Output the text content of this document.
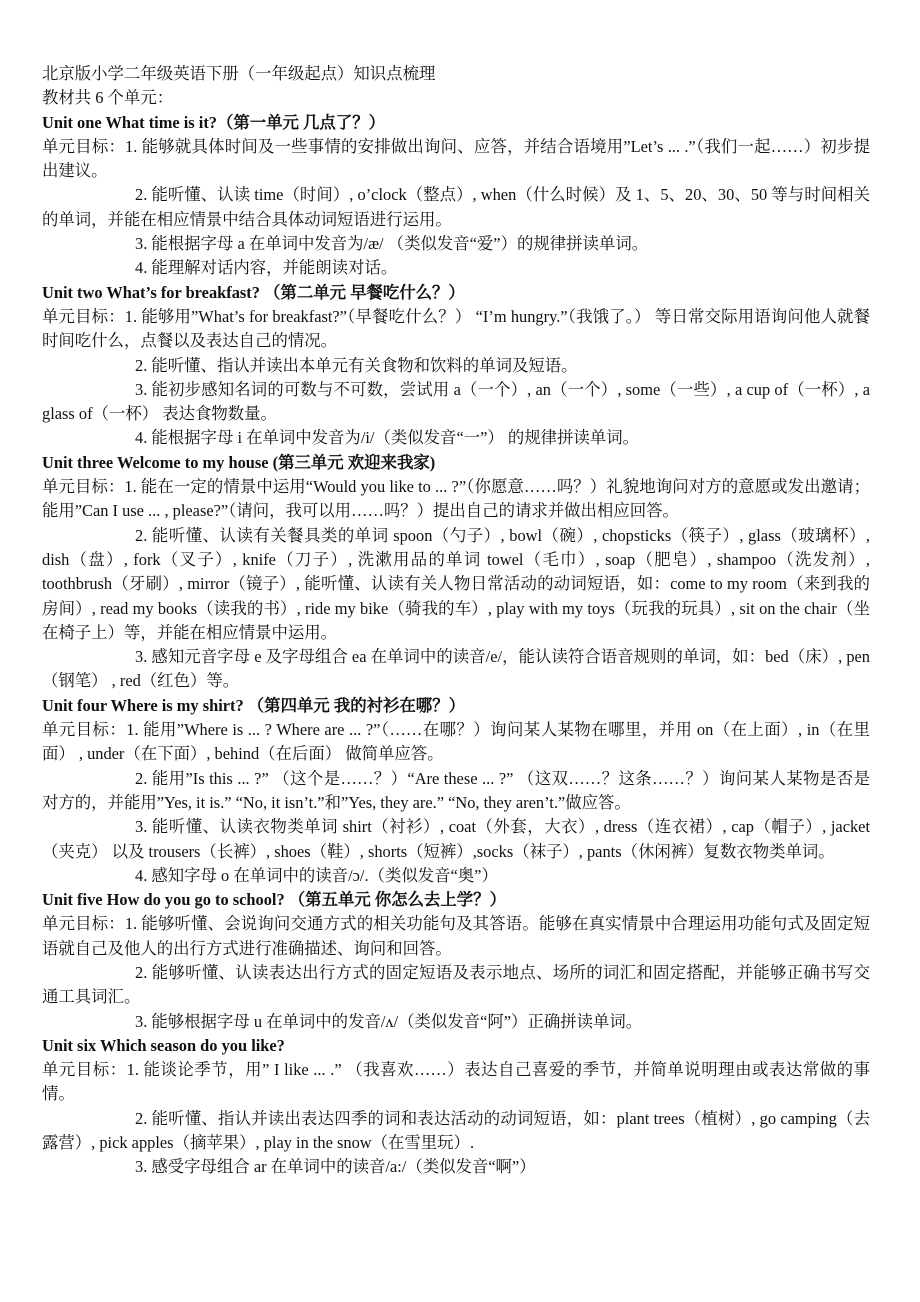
北京版小学二年级英语下册（一年级起点）知识点梳理

教材共 6 个单元：

Unit one What time is it?（第一单元 几点了？）

单元目标：1. 能够就具体时间及一些事情的安排做出询问、应答，并结合语境用”Let’s ... .”（我们一起……）初步提出建议。

2. 能听懂、认读 time（时间）, o’clock（整点）, when（什么时候）及 1、5、20、30、50 等与时间相关的单词，并能在相应情景中结合具体动词短语进行运用。

3. 能根据字母 a 在单词中发音为/æ/ （类似发音“爱”）的规律拼读单词。

4. 能理解对话内容，并能朗读对话。

Unit two What’s for breakfast? （第二单元 早餐吃什么？）

单元目标：1. 能够用”What’s for breakfast?”（早餐吃什么？） “I’m hungry.”（我饿了。） 等日常交际用语询问他人就餐时间吃什么，点餐以及表达自己的情况。

2. 能听懂、指认并读出本单元有关食物和饮料的单词及短语。

3. 能初步感知名词的可数与不可数，尝试用 a（一个）, an（一个）, some（一些）, a cup of（一杯）, a glass of（一杯） 表达食物数量。

4. 能根据字母 i 在单词中发音为/i/（类似发音“一”） 的规律拼读单词。

Unit three Welcome to my house (第三单元 欢迎来我家)

单元目标：1. 能在一定的情景中运用“Would you like to ... ?”（你愿意……吗？）礼貌地询问对方的意愿或发出邀请；能用”Can I use ... , please?”（请问，我可以用……吗？）提出自己的请求并做出相应回答。

2. 能听懂、认读有关餐具类的单词 spoon（勺子）, bowl（碗）, chopsticks（筷子）, glass（玻璃杯）, dish（盘）, fork（叉子）, knife（刀子）, 洗漱用品的单词 towel（毛巾）, soap（肥皂）, shampoo（洗发剂）, toothbrush（牙刷）, mirror（镜子）, 能听懂、认读有关人物日常活动的动词短语，如：come to my room（来到我的房间）, read my books（读我的书）, ride my bike（骑我的车）, play with my toys（玩我的玩具）, sit on the chair（坐在椅子上）等，并能在相应情景中运用。

3. 感知元音字母 e 及字母组合 ea 在单词中的读音/e/，能认读符合语音规则的单词，如：bed（床）, pen（钢笔） , red（红色）等。

Unit four Where is my shirt? （第四单元 我的衬衫在哪？）

单元目标：1. 能用”Where is ... ? Where are ... ?”（……在哪？）询问某人某物在哪里，并用 on（在上面）, in（在里面） , under（在下面）, behind（在后面） 做简单应答。

2. 能用”Is this ... ?” （这个是……？）“Are these ... ?” （这双……？这条……？）询问某人某物是否是对方的，并能用”Yes, it is.” “No, it isn’t.”和”Yes, they are.” “No, they aren’t.”做应答。

3. 能听懂、认读衣物类单词 shirt（衬衫）, coat（外套，大衣）, dress（连衣裙）, cap（帽子）, jacket（夹克） 以及 trousers（长裤）, shoes（鞋）, shorts（短裤）,socks（袜子）, pants（休闲裤）复数衣物类单词。

4. 感知字母 o 在单词中的读音/ɔ/.（类似发音“奥”）

Unit five How do you go to school? （第五单元 你怎么去上学？）

单元目标：1. 能够听懂、会说询问交通方式的相关功能句及其答语。能够在真实情景中合理运用功能句式及固定短语就自己及他人的出行方式进行准确描述、询问和回答。

2. 能够听懂、认读表达出行方式的固定短语及表示地点、场所的词汇和固定搭配，并能够正确书写交通工具词汇。

3. 能够根据字母 u 在单词中的发音/ʌ/（类似发音“阿”）正确拼读单词。

Unit six Which season do you like?

单元目标：1. 能谈论季节，用” I like ... .” （我喜欢……）表达自己喜爱的季节，并简单说明理由或表达常做的事情。

2. 能听懂、指认并读出表达四季的词和表达活动的动词短语，如：plant trees（植树）, go camping（去露营）, pick apples（摘苹果）, play in the snow（在雪里玩）.

3. 感受字母组合 ar 在单词中的读音/a:/（类似发音“啊”）
